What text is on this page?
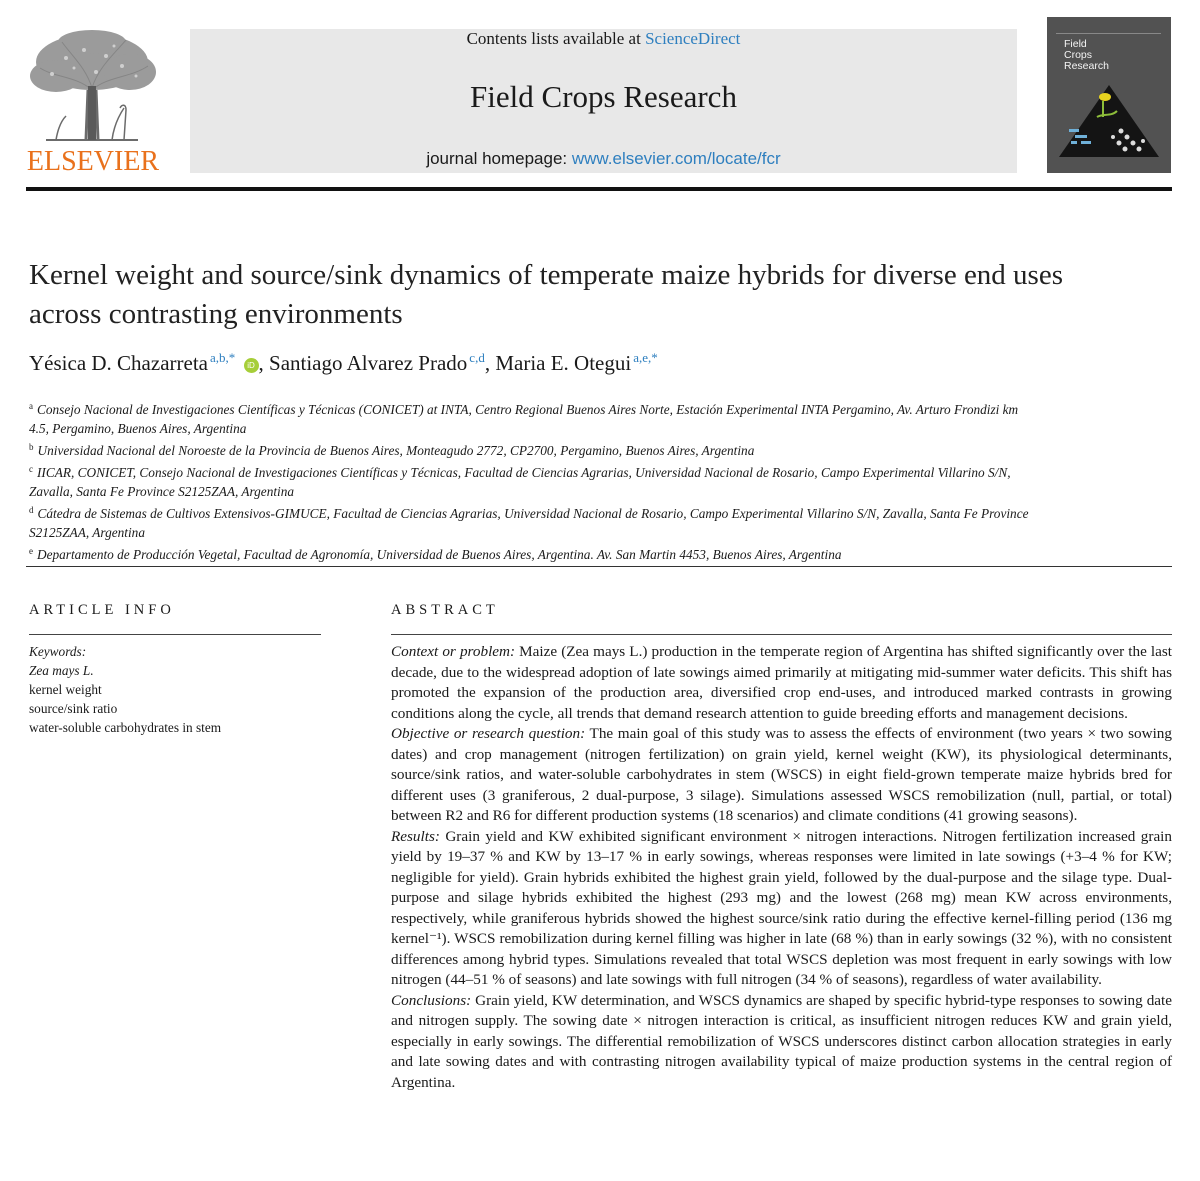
ELSEVIER
Contents lists available at ScienceDirect
Field Crops Research
journal homepage: www.elsevier.com/locate/fcr
Field
Crops
Research
Kernel weight and source/sink dynamics of temperate maize hybrids for diverse end uses across contrasting environments
Yésica D. Chazarreta $^{a,b,*}$ iD , Santiago Alvarez Prado $^{c,d}$, Maria E. Otegui $^{a,e,*}$

$^a$ Consejo Nacional de Investigaciones Científicas y Técnicas (CONICET) at INTA, Centro Regional Buenos Aires Norte, Estación Experimental INTA Pergamino, Av. Arturo Frondizi km 4.5, Pergamino, Buenos Aires, Argentina

$^b$ Universidad Nacional del Noroeste de la Provincia de Buenos Aires, Monteagudo 2772, CP2700, Pergamino, Buenos Aires, Argentina

$^c$ IICAR, CONICET, Consejo Nacional de Investigaciones Científicas y Técnicas, Facultad de Ciencias Agrarias, Universidad Nacional de Rosario, Campo Experimental Villarino S/N, Zavalla, Santa Fe Province S2125ZAA, Argentina

$^d$ Cátedra de Sistemas de Cultivos Extensivos-GIMUCE, Facultad de Ciencias Agrarias, Universidad Nacional de Rosario, Campo Experimental Villarino S/N, Zavalla, Santa Fe Province S2125ZAA, Argentina

$^e$ Departamento de Producción Vegetal, Facultad de Agronomía, Universidad de Buenos Aires, Argentina. Av. San Martin 4453, Buenos Aires, Argentina

ARTICLE INFO
Keywords:
Zea mays L.
kernel weight
source/sink ratio
water-soluble carbohydrates in stem
ABSTRACT

Context or problem: Maize (Zea mays L.) production in the temperate region of Argentina has shifted significantly over the last decade, due to the widespread adoption of late sowings aimed primarily at mitigating mid-summer water deficits. This shift has promoted the expansion of the production area, diversified crop end-uses, and introduced marked contrasts in growing conditions along the cycle, all trends that demand research attention to guide breeding efforts and management decisions.

Objective or research question: The main goal of this study was to assess the effects of environment (two years × two sowing dates) and crop management (nitrogen fertilization) on grain yield, kernel weight (KW), its physiological determinants, source/sink ratios, and water-soluble carbohydrates in stem (WSCS) in eight field-grown temperate maize hybrids bred for different uses (3 graniferous, 2 dual-purpose, 3 silage). Simulations assessed WSCS remobilization (null, partial, or total) between R2 and R6 for different production systems (18 scenarios) and climate conditions (41 growing seasons).

Results: Grain yield and KW exhibited significant environment × nitrogen interactions. Nitrogen fertilization increased grain yield by 19–37 % and KW by 13–17 % in early sowings, whereas responses were limited in late sowings (+3–4 % for KW; negligible for yield). Grain hybrids exhibited the highest grain yield, followed by the dual-purpose and the silage type. Dual-purpose and silage hybrids exhibited the highest (293 mg) and the lowest (268 mg) mean KW across environments, respectively, while graniferous hybrids showed the highest source/sink ratio during the effective kernel-filling period (136 mg kernel⁻¹). WSCS remobilization during kernel filling was higher in late (68 %) than in early sowings (32 %), with no consistent differences among hybrid types. Simulations revealed that total WSCS depletion was most frequent in early sowings with low nitrogen (44–51 % of seasons) and late sowings with full nitrogen (34 % of seasons), regardless of water availability.

Conclusions: Grain yield, KW determination, and WSCS dynamics are shaped by specific hybrid-type responses to sowing date and nitrogen supply. The sowing date × nitrogen interaction is critical, as insufficient nitrogen reduces KW and grain yield, especially in early sowings. The differential remobilization of WSCS underscores distinct carbon allocation strategies in early and late sowing dates and with contrasting nitrogen availability typical of maize production systems in the central region of Argentina.
